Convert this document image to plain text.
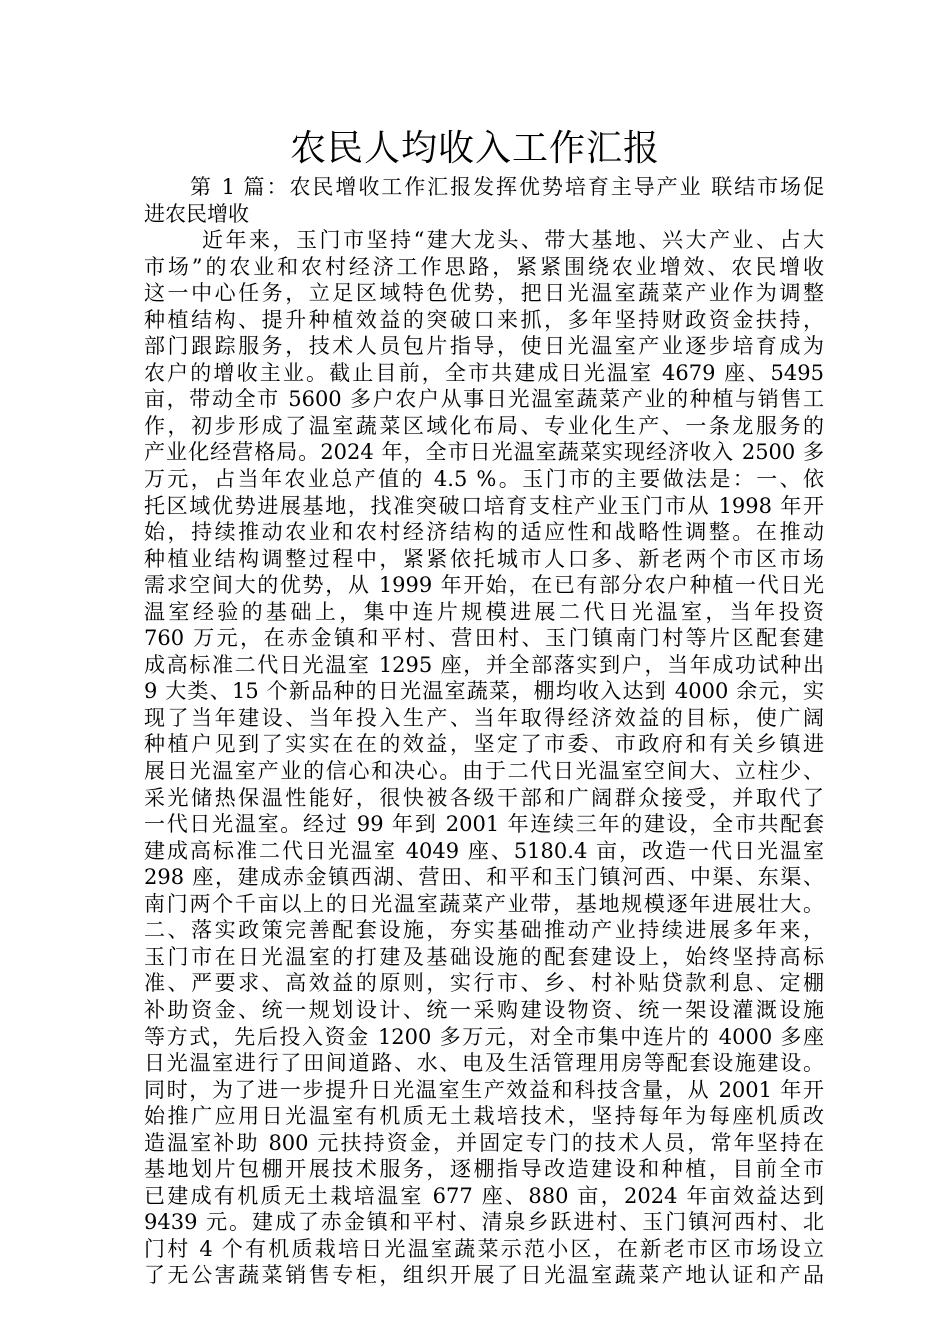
农民人均收入工作汇报
第 1 篇：农民增收工作汇报发挥优势培育主导产业 联结市场促
进农民增收
近年来，玉门市坚持“建大龙头、带大基地、兴大产业、占大
市场”的农业和农村经济工作思路，紧紧围绕农业增效、农民增收
这一中心任务，立足区域特色优势，把日光温室蔬菜产业作为调整
种植结构、提升种植效益的突破口来抓，多年坚持财政资金扶持，
部门跟踪服务，技术人员包片指导，使日光温室产业逐步培育成为
农户的增收主业。截止目前，全市共建成日光温室 4679 座、5495
亩，带动全市 5600 多户农户从事日光温室蔬菜产业的种植与销售工
作，初步形成了温室蔬菜区域化布局、专业化生产、一条龙服务的
产业化经营格局。2024 年，全市日光温室蔬菜实现经济收入 2500 多
万元，占当年农业总产值的 4.5 %。玉门市的主要做法是：一、依
托区域优势进展基地，找准突破口培育支柱产业玉门市从 1998 年开
始，持续推动农业和农村经济结构的适应性和战略性调整。在推动
种植业结构调整过程中，紧紧依托城市人口多、新老两个市区市场
需求空间大的优势，从 1999 年开始，在已有部分农户种植一代日光
温室经验的基础上，集中连片规模进展二代日光温室，当年投资
760 万元，在赤金镇和平村、营田村、玉门镇南门村等片区配套建
成高标准二代日光温室 1295 座，并全部落实到户，当年成功试种出
9 大类、15 个新品种的日光温室蔬菜，棚均收入达到 4000 余元，实
现了当年建设、当年投入生产、当年取得经济效益的目标，使广阔
种植户见到了实实在在的效益，坚定了市委、市政府和有关乡镇进
展日光温室产业的信心和决心。由于二代日光温室空间大、立柱少、
采光储热保温性能好，很快被各级干部和广阔群众接受，并取代了
一代日光温室。经过 99 年到 2001 年连续三年的建设，全市共配套
建成高标准二代日光温室 4049 座、5180.4 亩，改造一代日光温室
298 座，建成赤金镇西湖、营田、和平和玉门镇河西、中渠、东渠、
南门两个千亩以上的日光温室蔬菜产业带，基地规模逐年进展壮大。
二、落实政策完善配套设施，夯实基础推动产业持续进展多年来，
玉门市在日光温室的打建及基础设施的配套建设上，始终坚持高标
准、严要求、高效益的原则，实行市、乡、村补贴贷款利息、定棚
补助资金、统一规划设计、统一采购建设物资、统一架设灌溉设施
等方式，先后投入资金 1200 多万元，对全市集中连片的 4000 多座
日光温室进行了田间道路、水、电及生活管理用房等配套设施建设。
同时，为了进一步提升日光温室生产效益和科技含量，从 2001 年开
始推广应用日光温室有机质无土栽培技术，坚持每年为每座机质改
造温室补助 800 元扶持资金，并固定专门的技术人员，常年坚持在
基地划片包棚开展技术服务，逐棚指导改造建设和种植，目前全市
已建成有机质无土栽培温室 677 座、880 亩，2024 年亩效益达到
9439 元。建成了赤金镇和平村、清泉乡跃进村、玉门镇河西村、北
门村 4 个有机质栽培日光温室蔬菜示范小区，在新老市区市场设立
了无公害蔬菜销售专柜，组织开展了日光温室蔬菜产地认证和产品
